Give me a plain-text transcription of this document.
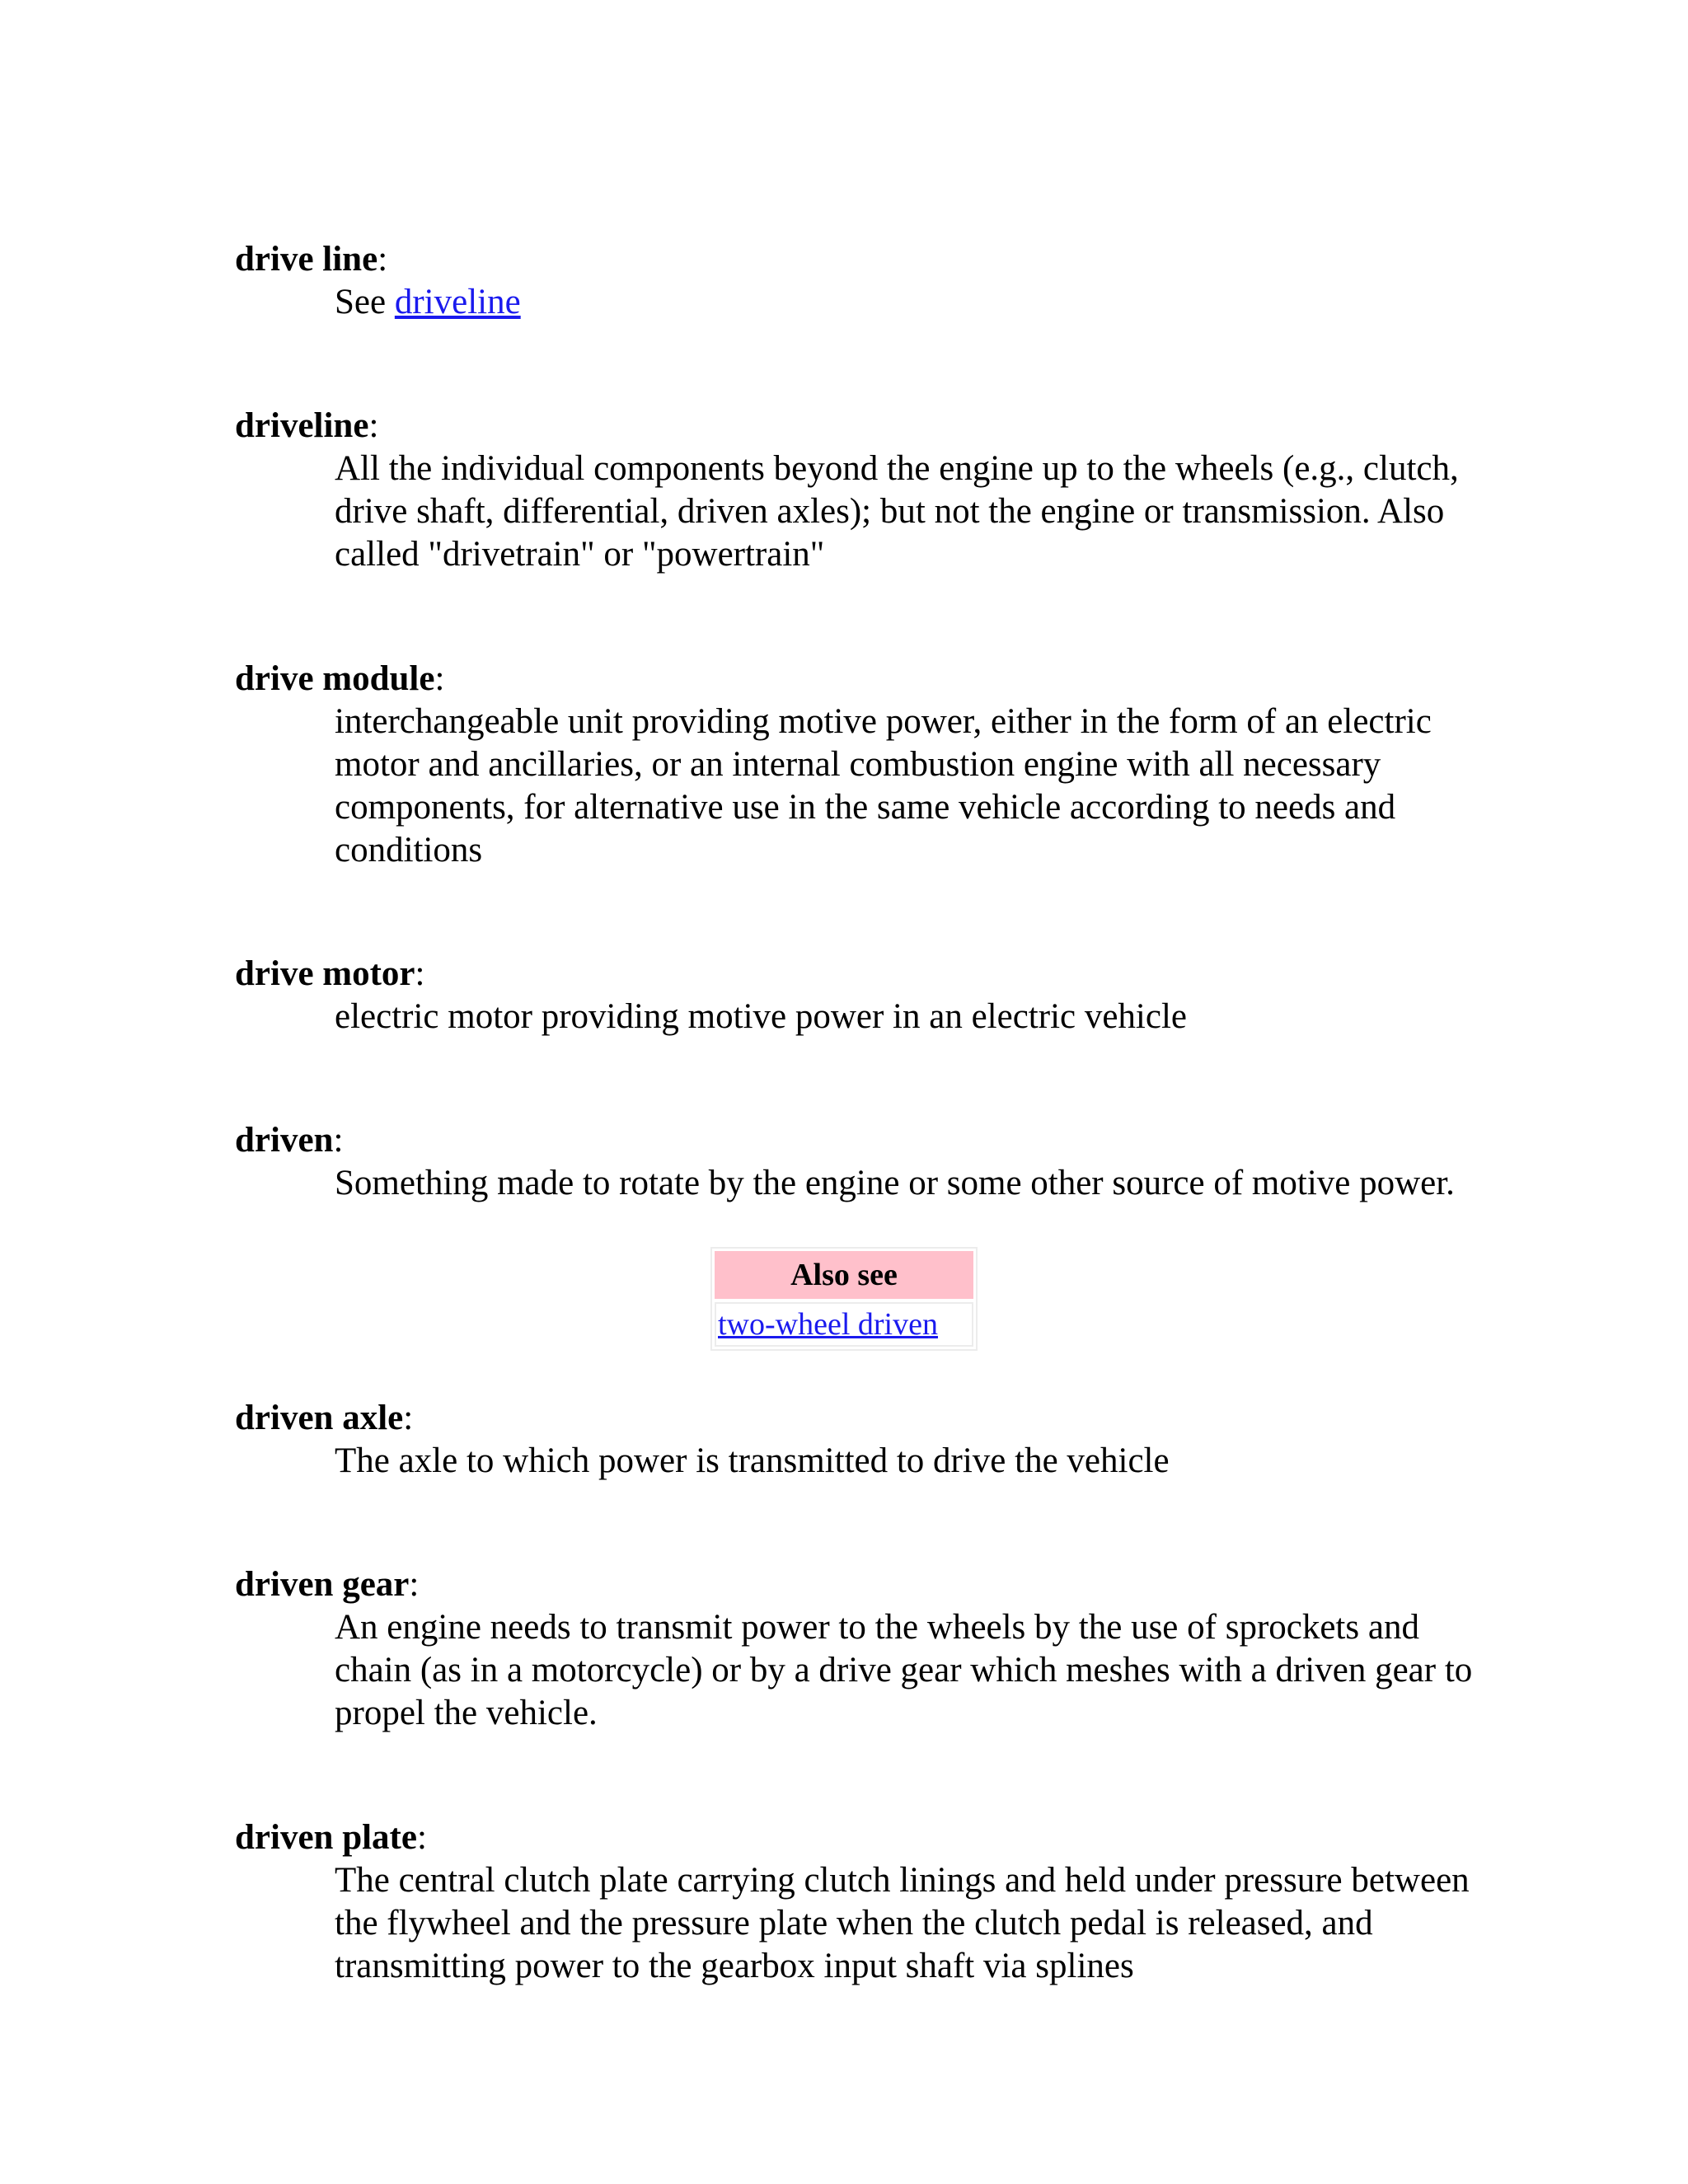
drive line:

See driveline

driveline:

All the individual components beyond the engine up to the wheels (e.g., clutch, drive shaft, differential, driven axles); but not the engine or transmission. Also called "drivetrain" or "powertrain"

drive module:

interchangeable unit providing motive power, either in the form of an electric motor and ancillaries, or an internal combustion engine with all necessary components, for alternative use in the same vehicle according to needs and conditions

drive motor:

electric motor providing motive power in an electric vehicle

driven:

Something made to rotate by the engine or some other source of motive power.

Also see
two-wheel driven

driven axle:

The axle to which power is transmitted to drive the vehicle

driven gear:

An engine needs to transmit power to the wheels by the use of sprockets and chain (as in a motorcycle) or by a drive gear which meshes with a driven gear to propel the vehicle.

driven plate:

The central clutch plate carrying clutch linings and held under pressure between the flywheel and the pressure plate when the clutch pedal is released, and transmitting power to the gearbox input shaft via splines
